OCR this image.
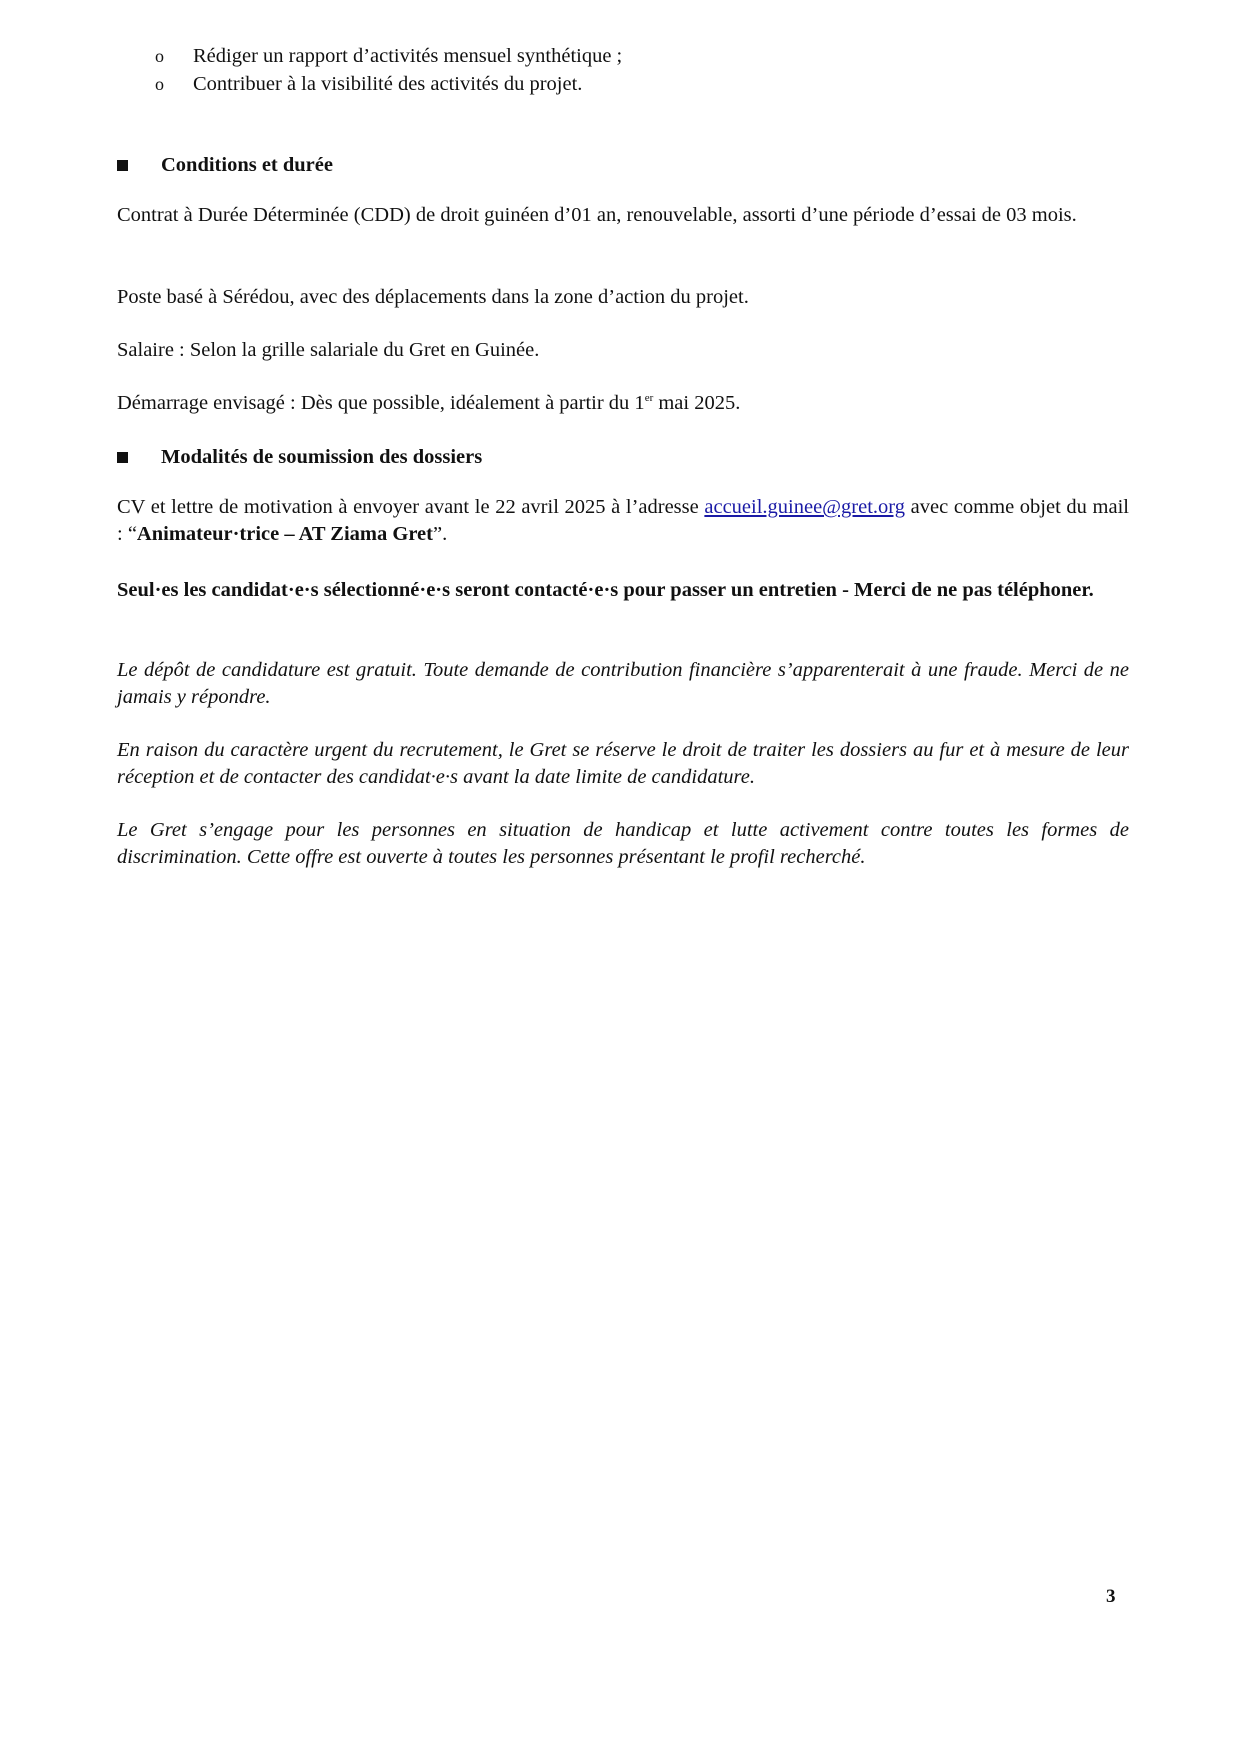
o	Rédiger un rapport d’activités mensuel synthétique ;
o	Contribuer à la visibilité des activités du projet.
Conditions et durée

Contrat à Durée Déterminée (CDD) de droit guinéen d’01 an, renouvelable, assorti d’une période d’essai de 03 mois.

Poste basé à Sérédou, avec des déplacements dans la zone d’action du projet.

Salaire : Selon la grille salariale du Gret en Guinée.

Démarrage envisagé : Dès que possible, idéalement à partir du 1er mai 2025.

Modalités de soumission des dossiers

CV et lettre de motivation à envoyer avant le 22 avril 2025 à l’adresse accueil.guinee@gret.org avec comme objet du mail : “Animateur·trice – AT Ziama Gret”.

Seul·es les candidat·e·s sélectionné·e·s seront contacté·e·s pour passer un entretien - Merci de ne pas téléphoner.

Le dépôt de candidature est gratuit. Toute demande de contribution financière s’apparenterait à une fraude. Merci de ne jamais y répondre.

En raison du caractère urgent du recrutement, le Gret se réserve le droit de traiter les dossiers au fur et à mesure de leur réception et de contacter des candidat·e·s avant la date limite de candidature.

Le Gret s’engage pour les personnes en situation de handicap et lutte activement contre toutes les formes de discrimination. Cette offre est ouverte à toutes les personnes présentant le profil recherché.

3
